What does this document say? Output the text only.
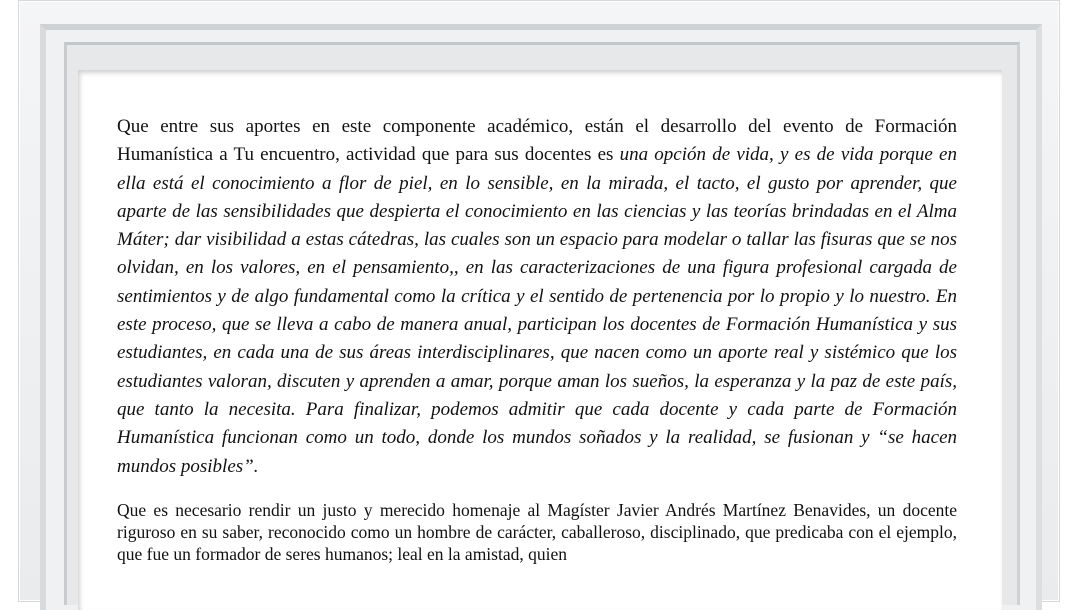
Que entre sus aportes en este componente académico, están el desarrollo del evento de Formación Humanística a Tu encuentro, actividad que para sus docentes es una opción de vida, y es de vida porque en ella está el conocimiento a flor de piel, en lo sensible, en la mirada, el tacto, el gusto por aprender, que aparte de las sensibilidades que despierta el conocimiento en las ciencias y las teorías brindadas en el Alma Máter; dar visibilidad a estas cátedras, las cuales son un espacio para modelar o tallar las fisuras que se nos olvidan, en los valores, en el pensamiento,, en las caracterizaciones de una figura profesional cargada de sentimientos y de algo fundamental como la crítica y el sentido de pertenencia por lo propio y lo nuestro. En este proceso, que se lleva a cabo de manera anual, participan los docentes de Formación Humanística y sus estudiantes, en cada una de sus áreas interdisciplinares, que nacen como un aporte real y sistémico que los estudiantes valoran, discuten y aprenden a amar, porque aman los sueños, la esperanza y la paz de este país, que tanto la necesita. Para finalizar, podemos admitir que cada docente y cada parte de Formación Humanística funcionan como un todo, donde los mundos soñados y la realidad, se fusionan y “se hacen mundos posibles”.

Que es necesario rendir un justo y merecido homenaje al Magíster Javier Andrés Martínez Benavides, un docente riguroso en su saber, reconocido como un hombre de carácter, caballeroso, disciplinado, que predicaba con el ejemplo, que fue un formador de seres humanos; leal en la amistad, quien
